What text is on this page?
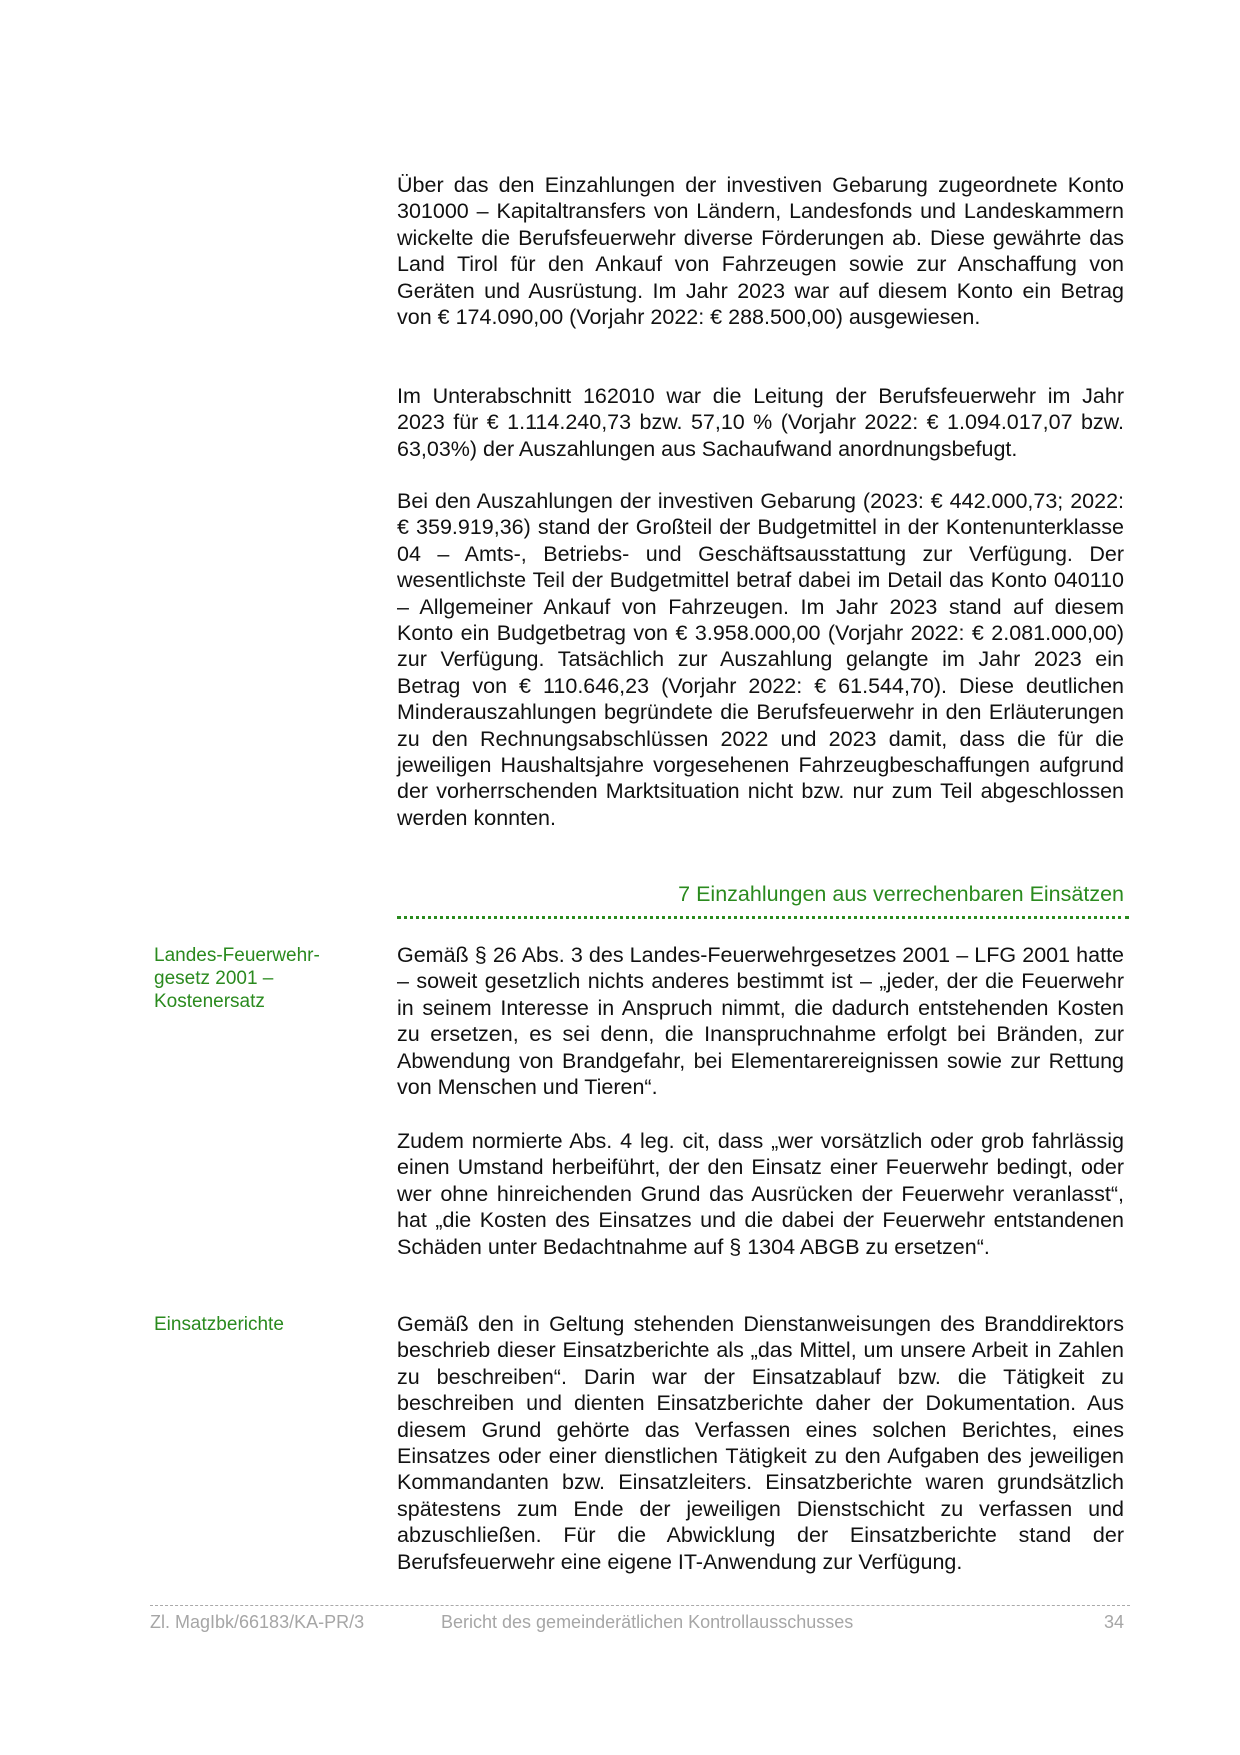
Über das den Einzahlungen der investiven Gebarung zugeordnete Konto 301000 – Kapitaltransfers von Ländern, Landesfonds und Landeskammern wickelte die Berufsfeuerwehr diverse Förderungen ab. Diese gewährte das Land Tirol für den Ankauf von Fahrzeugen sowie zur Anschaffung von Geräten und Ausrüstung. Im Jahr 2023 war auf diesem Konto ein Betrag von € 174.090,00 (Vorjahr 2022: € 288.500,00) ausgewiesen.

Im Unterabschnitt 162010 war die Leitung der Berufsfeuerwehr im Jahr 2023 für € 1.114.240,73 bzw. 57,10 % (Vorjahr 2022: € 1.094.017,07 bzw. 63,03%) der Auszahlungen aus Sachaufwand anordnungsbefugt.

Bei den Auszahlungen der investiven Gebarung (2023: € 442.000,73; 2022: € 359.919,36) stand der Großteil der Budgetmittel in der Kontenunterklasse 04 – Amts-, Betriebs- und Geschäftsausstattung zur Verfügung. Der wesentlichste Teil der Budgetmittel betraf dabei im Detail das Konto 040110 – Allgemeiner Ankauf von Fahrzeugen. Im Jahr 2023 stand auf diesem Konto ein Budgetbetrag von € 3.958.000,00 (Vorjahr 2022: € 2.081.000,00) zur Verfügung. Tatsächlich zur Auszahlung gelangte im Jahr 2023 ein Betrag von € 110.646,23 (Vorjahr 2022: € 61.544,70). Diese deutlichen Minderauszahlungen begründete die Berufsfeuerwehr in den Erläuterungen zu den Rechnungsabschlüssen 2022 und 2023 damit, dass die für die jeweiligen Haushaltsjahre vorgesehenen Fahrzeugbeschaffungen aufgrund der vorherrschenden Marktsituation nicht bzw. nur zum Teil abgeschlossen werden konnten.

7 Einzahlungen aus verrechenbaren Einsätzen

Landes-Feuerwehr-
gesetz 2001 –
Kostenersatz

Gemäß § 26 Abs. 3 des Landes-Feuerwehrgesetzes 2001 – LFG 2001 hatte – soweit gesetzlich nichts anderes bestimmt ist – „jeder, der die Feuerwehr in seinem Interesse in Anspruch nimmt, die dadurch entstehenden Kosten zu ersetzen, es sei denn, die Inanspruchnahme erfolgt bei Bränden, zur Abwendung von Brandgefahr, bei Elementarereignissen sowie zur Rettung von Menschen und Tieren“.

Zudem normierte Abs. 4 leg. cit, dass „wer vorsätzlich oder grob fahrlässig einen Umstand herbeiführt, der den Einsatz einer Feuerwehr bedingt, oder wer ohne hinreichenden Grund das Ausrücken der Feuerwehr veranlasst“, hat „die Kosten des Einsatzes und die dabei der Feuerwehr entstandenen Schäden unter Bedachtnahme auf § 1304 ABGB zu ersetzen“.

Einsatzberichte	Gemäß den in Geltung stehenden Dienstanweisungen des Branddirektors beschrieb dieser Einsatzberichte als „das Mittel, um unsere Arbeit in Zahlen zu beschreiben“. Darin war der Einsatzablauf bzw. die Tätigkeit zu beschreiben und dienten Einsatzberichte daher der Dokumentation. Aus diesem Grund gehörte das Verfassen eines solchen Berichtes, eines Einsatzes oder einer dienstlichen Tätigkeit zu den Aufgaben des jeweiligen Kommandanten bzw. Einsatzleiters. Einsatzberichte waren grundsätzlich spätestens zum Ende der jeweiligen Dienstschicht zu verfassen und abzuschließen. Für die Abwicklung der Einsatzberichte stand der Berufsfeuerwehr eine eigene IT-Anwendung zur Verfügung.

Zl. MagIbk/66183/KA-PR/3	Bericht des gemeinderätlichen Kontrollausschusses	34
